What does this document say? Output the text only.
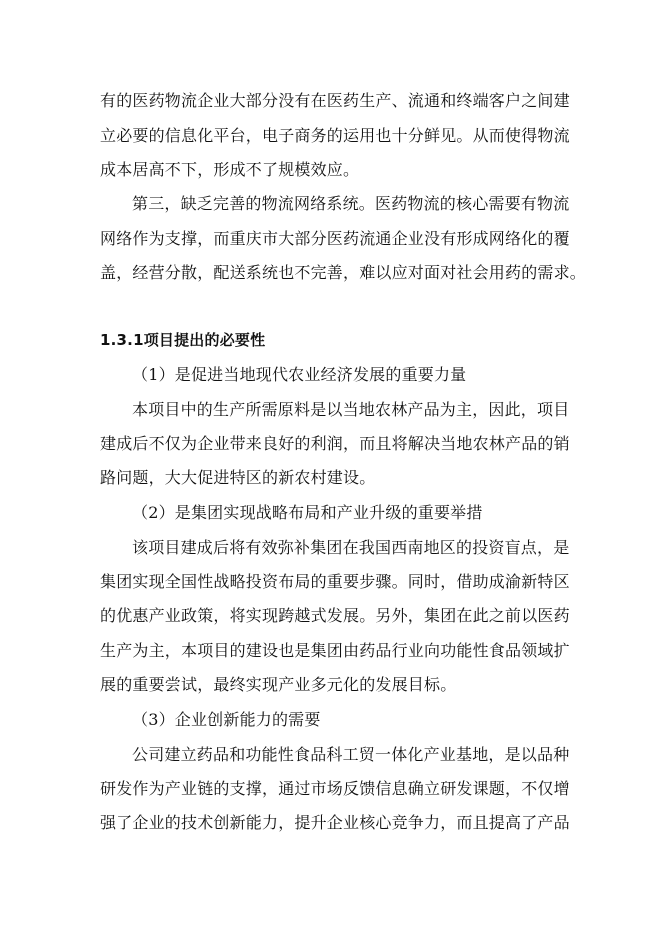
有的医药物流企业大部分没有在医药生产、流通和终端客户之间建
立必要的信息化平台，电子商务的运用也十分鲜见。从而使得物流
成本居高不下，形成不了规模效应。
第三，缺乏完善的物流网络系统。医药物流的核心需要有物流
网络作为支撑，而重庆市大部分医药流通企业没有形成网络化的覆
盖，经营分散，配送系统也不完善，难以应对面对社会用药的需求。
1.3.1项目提出的必要性
（1）是促进当地现代农业经济发展的重要力量
本项目中的生产所需原料是以当地农林产品为主，因此，项目
建成后不仅为企业带来良好的利润，而且将解决当地农林产品的销
路问题，大大促进特区的新农村建设。
（2）是集团实现战略布局和产业升级的重要举措
该项目建成后将有效弥补集团在我国西南地区的投资盲点，是
集团实现全国性战略投资布局的重要步骤。同时，借助成渝新特区
的优惠产业政策，将实现跨越式发展。另外，集团在此之前以医药
生产为主，本项目的建设也是集团由药品行业向功能性食品领域扩
展的重要尝试，最终实现产业多元化的发展目标。
（3）企业创新能力的需要
公司建立药品和功能性食品科工贸一体化产业基地，是以品种
研发作为产业链的支撑，通过市场反馈信息确立研发课题，不仅增
强了企业的技术创新能力，提升企业核心竞争力，而且提高了产品
